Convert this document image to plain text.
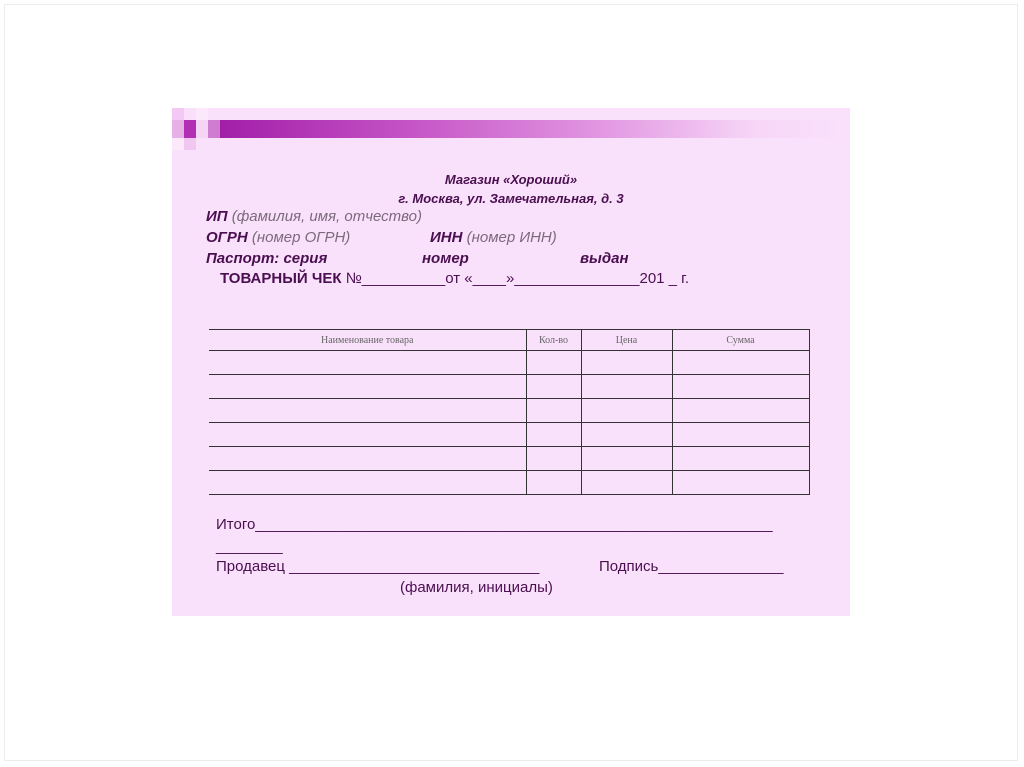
Магазин «Хороший»
г. Москва, ул. Замечательная, д. 3
ИП (фамилия, имя, отчество)
ОГРН (номер ОГРН)	ИНН (номер ИНН)
Паспорт: серия	номер	выдан
ТОВАРНЫЙ ЧЕК №__________от «____»_______________201 _ г.
Наименование товара	Кол-во	Цена	Сумма

Итого______________________________________________________________
________
Продавец ______________________________	Подпись_______________
(фамилия, инициалы)
